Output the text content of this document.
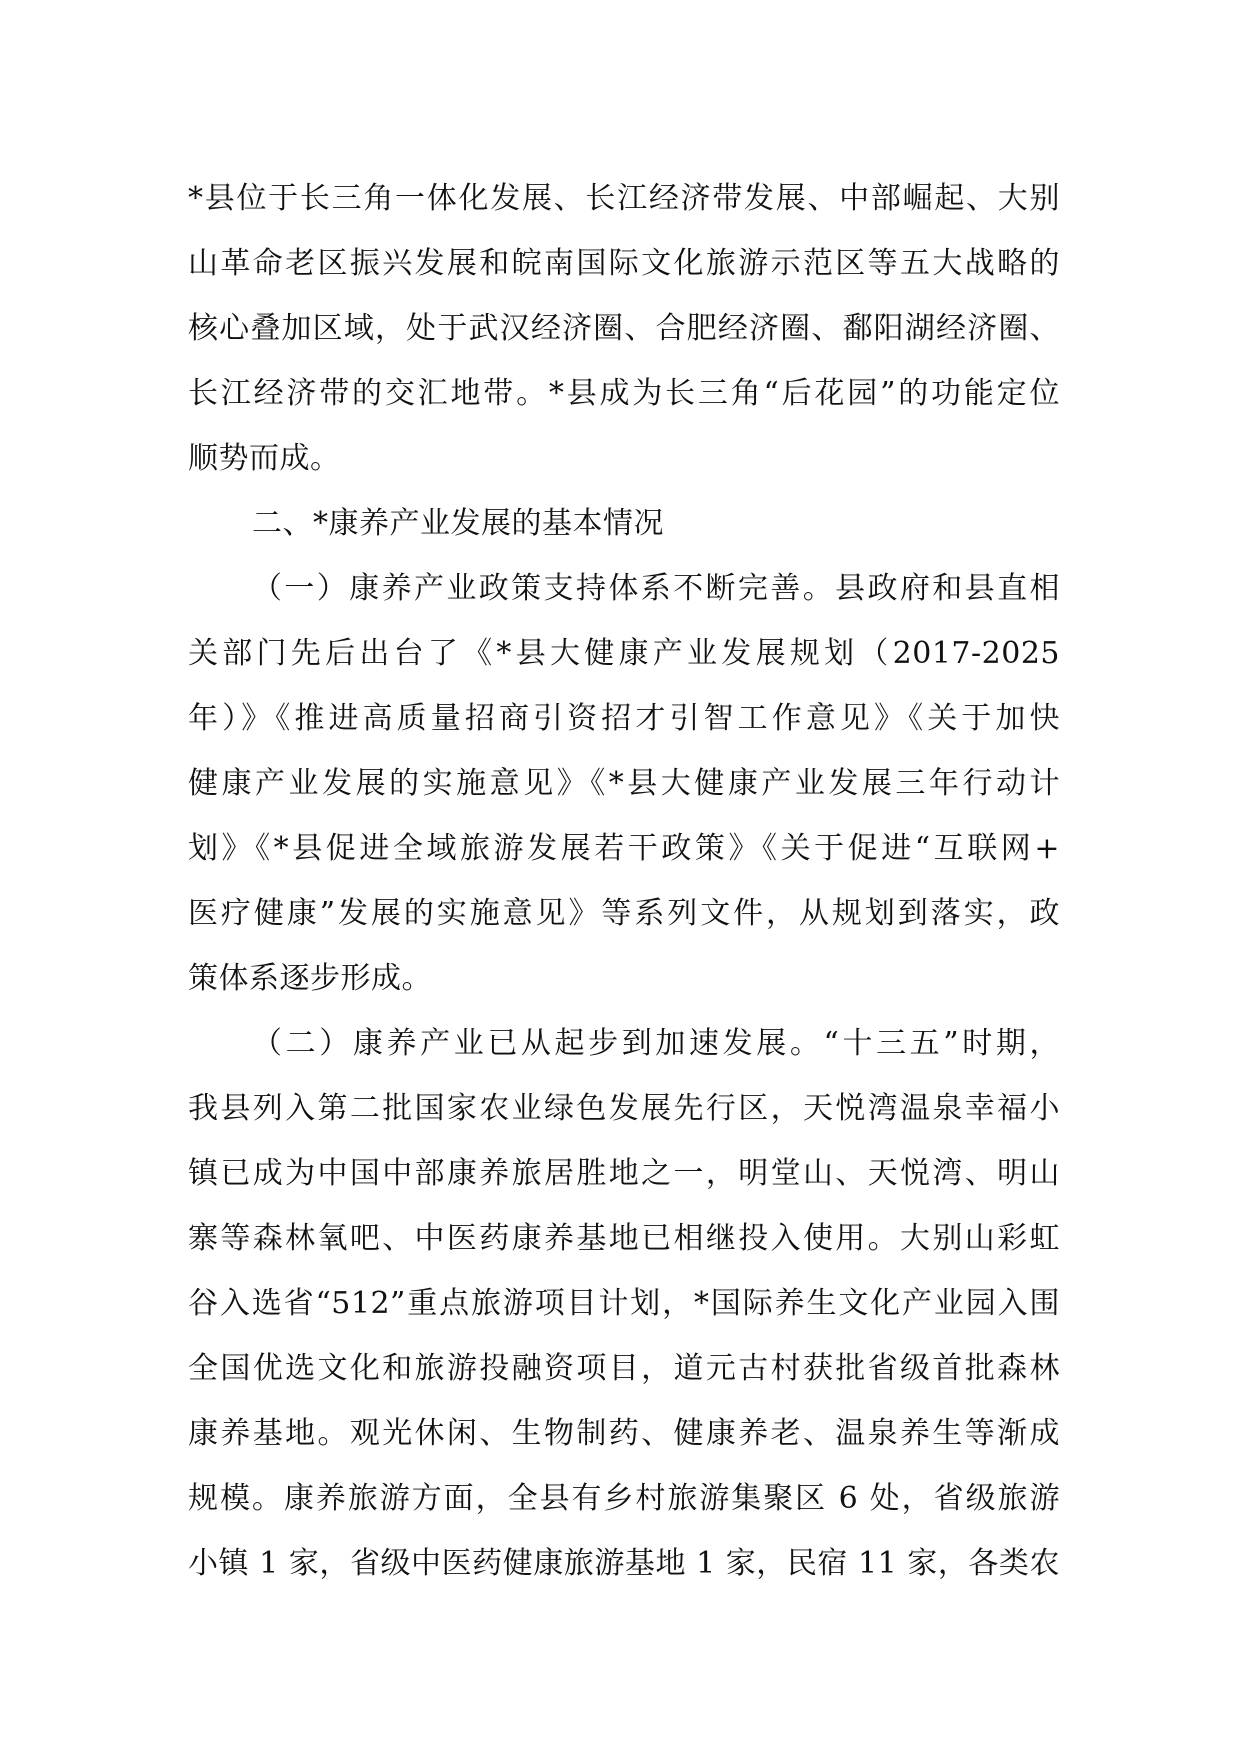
*县位于长三角一体化发展、长江经济带发展、中部崛起、大别
山革命老区振兴发展和皖南国际文化旅游示范区等五大战略的
核心叠加区域，处于武汉经济圈、合肥经济圈、鄱阳湖经济圈、
长江经济带的交汇地带。*县成为长三角“后花园”的功能定位
顺势而成。
二、*康养产业发展的基本情况
（一）康养产业政策支持体系不断完善。县政府和县直相
关部门先后出台了《*县大健康产业发展规划（2017-2025
年）》《推进高质量招商引资招才引智工作意见》《关于加快
健康产业发展的实施意见》《*县大健康产业发展三年行动计
划》《*县促进全域旅游发展若干政策》《关于促进“互联网+
医疗健康”发展的实施意见》等系列文件，从规划到落实，政
策体系逐步形成。
（二）康养产业已从起步到加速发展。“十三五”时期，
我县列入第二批国家农业绿色发展先行区，天悦湾温泉幸福小
镇已成为中国中部康养旅居胜地之一，明堂山、天悦湾、明山
寨等森林氧吧、中医药康养基地已相继投入使用。大别山彩虹
谷入选省“512”重点旅游项目计划，*国际养生文化产业园入围
全国优选文化和旅游投融资项目，道元古村获批省级首批森林
康养基地。观光休闲、生物制药、健康养老、温泉养生等渐成
规模。康养旅游方面，全县有乡村旅游集聚区 6 处，省级旅游
小镇 1 家，省级中医药健康旅游基地 1 家，民宿 11 家，各类农
